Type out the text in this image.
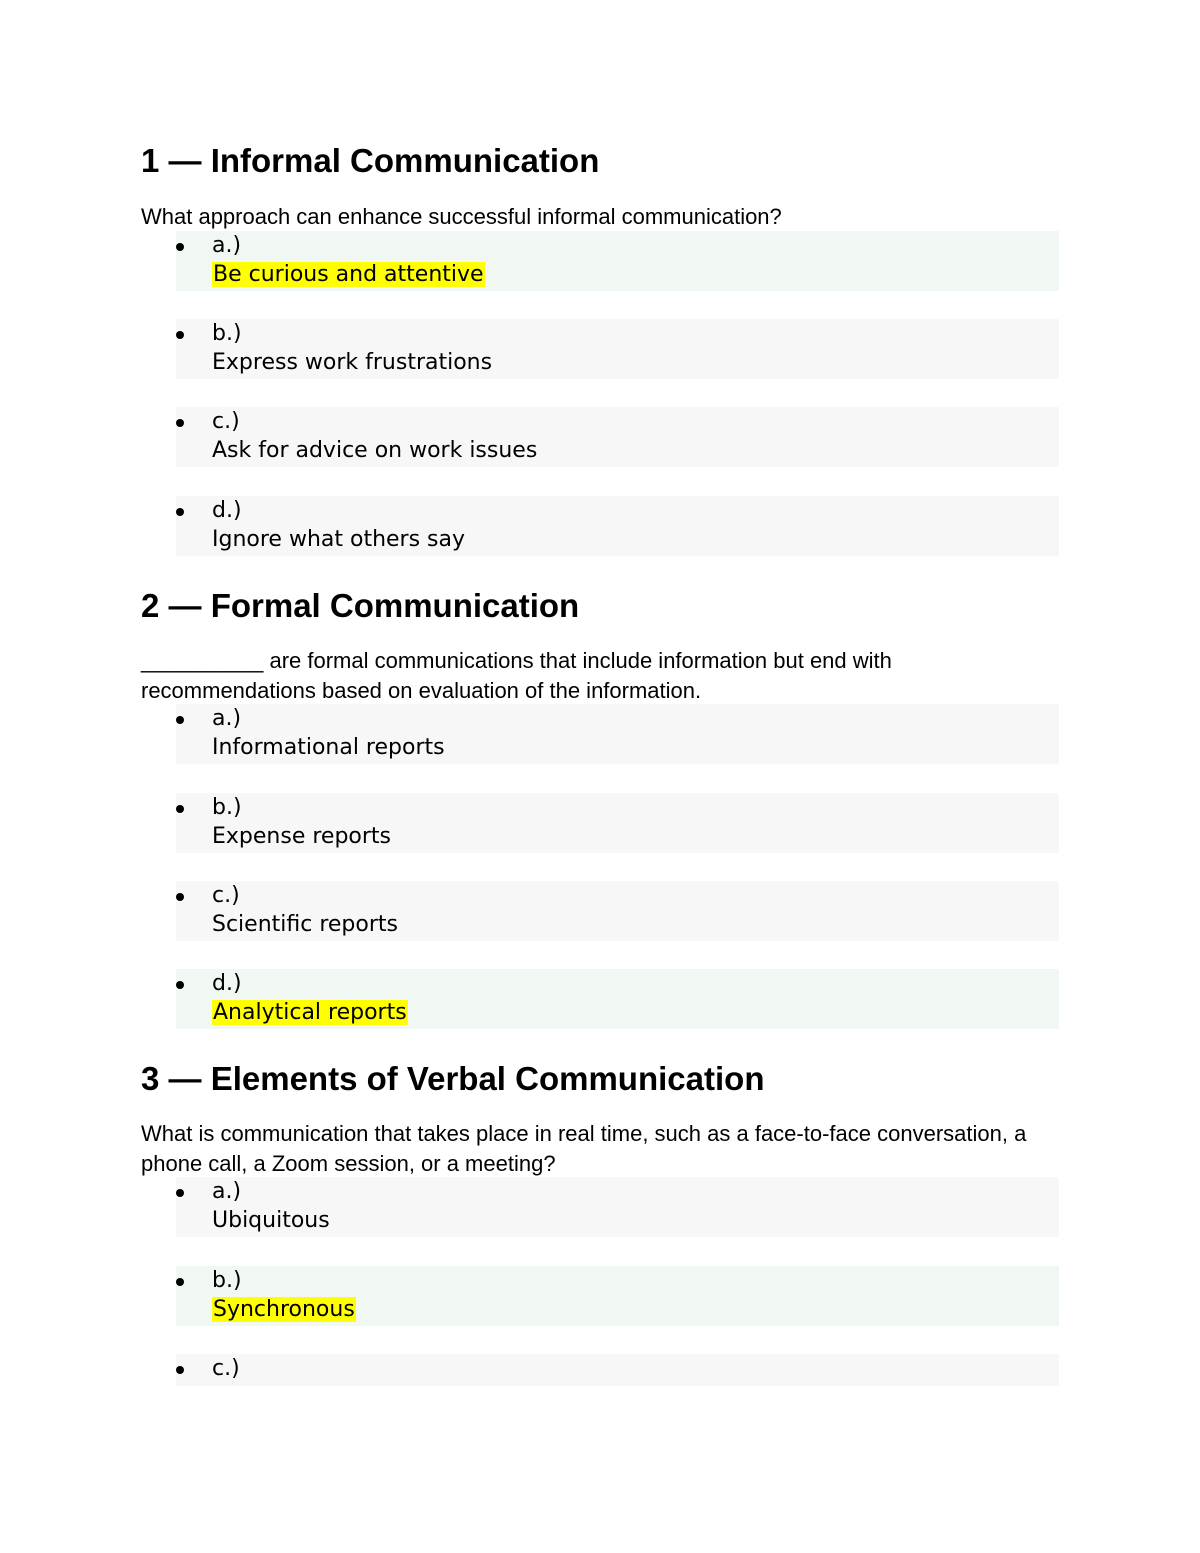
1 — Informal Communication

What approach can enhance successful informal communication?

a.)
Be curious and attentive
b.)
Express work frustrations
c.)
Ask for advice on work issues
d.)
Ignore what others say
2 — Formal Communication

__________ are formal communications that include information but end with recommendations based on evaluation of the information.

a.)
Informational reports
b.)
Expense reports
c.)
Scientific reports
d.)
Analytical reports
3 — Elements of Verbal Communication

What is communication that takes place in real time, such as a face-to-face conversation, a phone call, a Zoom session, or a meeting?

a.)
Ubiquitous
b.)
Synchronous
c.)
